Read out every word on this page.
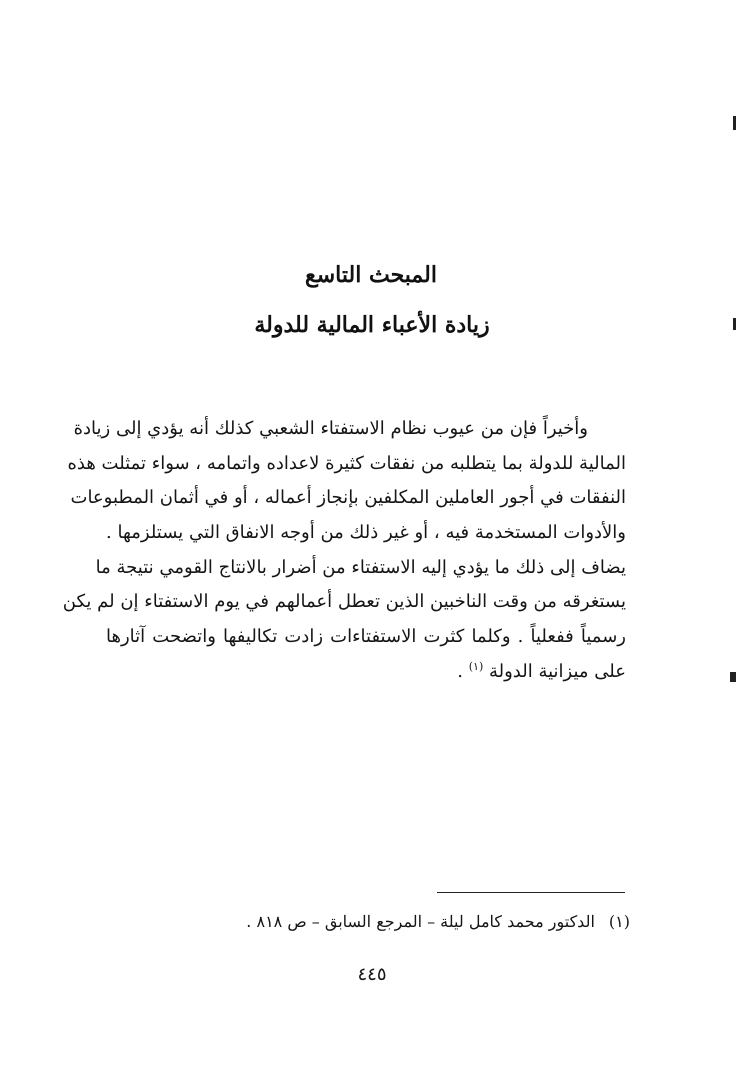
المبحث التاسع
زيادة الأعباء المالية للدولة
وأخيراً فإن من عيوب نظام الاستفتاء الشعبي كذلك أنه يؤدي إلى زيادة
المالية للدولة بما يتطلبه من نفقات كثيرة لاعداده واتمامه ، سواء تمثلت هذه
النفقات في أجور العاملين المكلفين بإنجاز أعماله ، أو في أثمان المطبوعات
والأدوات المستخدمة فيه ، أو غير ذلك من أوجه الانفاق التي يستلزمها .
يضاف إلى ذلك ما يؤدي إليه الاستفتاء من أضرار بالانتاج القومي نتيجة ما
يستغرقه من وقت الناخبين الذين تعطل أعمالهم في يوم الاستفتاء إن لم يكن
رسمياً ففعلياً . وكلما كثرت الاستفتاءات زادت تكاليفها واتضحت آثارها
على ميزانية الدولة $^{(١)}$ .
(١)الدكتور محمد كامل ليلة – المرجع السابق – ص ٨١٨ .
٤٤٥
